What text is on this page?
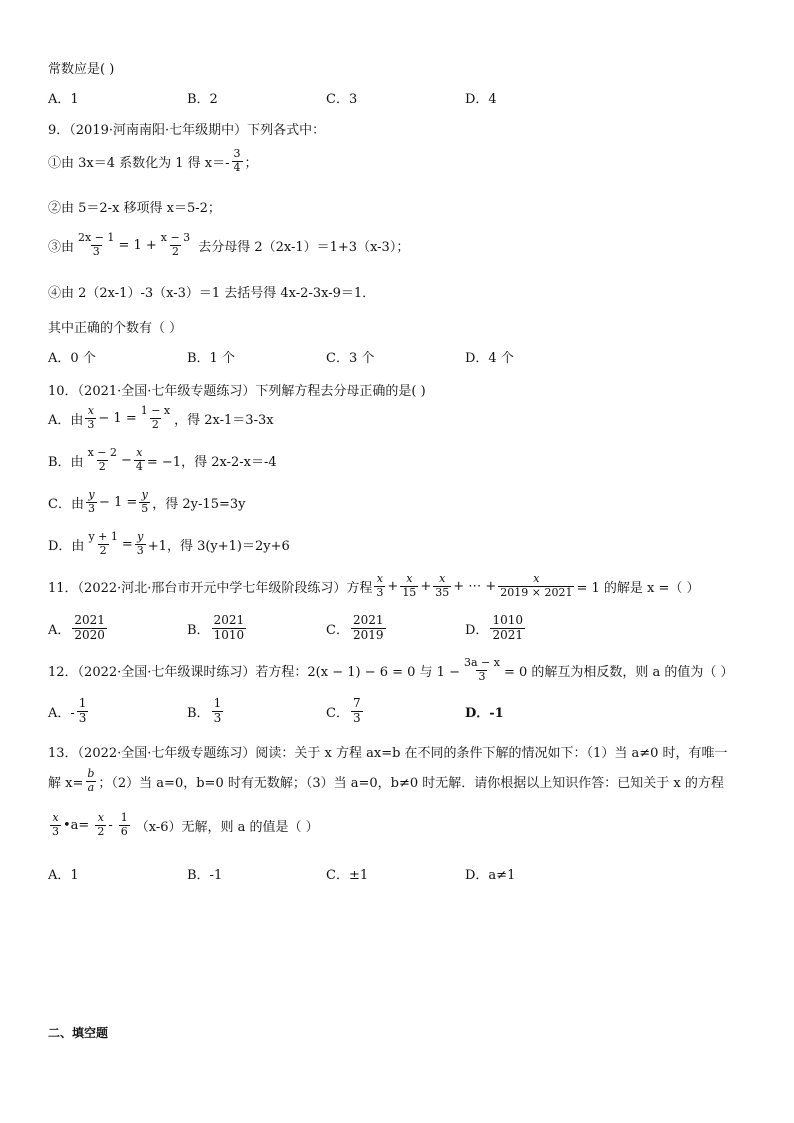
常数应是( )
A．1	B．2	C．3	D．4
9．（2019·河南南阳·七年级期中）下列各式中：
①由 3x＝4 系数化为 1 得 $x=- \frac{3}{4}$ ；
②由 5＝2-x 移项得 x＝5-2；
③由 $\frac{2x - 1}{3} = 1 + \frac{x - 3}{2}$ 去分母得 2（2x-1）＝1+3（x-3）；
④由 2（2x-1）-3（x-3）＝1 去括号得 4x-2-3x-9＝1．
其中正确的个数有（ ）
A．0 个	B．1 个	C．3 个	D．4 个
10．（2021·全国·七年级专题练习）下列解方程去分母正确的是( )
A．由 $\frac{x}{3} - 1 = \frac{1 - x}{2}$ ，得 2x-1＝3-3x
B．由 $\frac{x - 2}{2} - \frac{x}{4} = -1$，得 2x-2-x＝-4
C．由 $\frac{y}{3} - 1 = \frac{y}{5}$ ，得 2y-15=3y
D．由 $\frac{y + 1}{2} = \frac{y}{3} +1$，得 3(y+1)＝2y+6
11．（2022·河北·邢台市开元中学七年级阶段练习）方程 $\frac{x}{3} + \frac{x}{15} + \frac{x}{35}$ + ⋯ + $\frac{x}{2019 \times 2021} = 1$ 的解是 x =（ ）
A． $\frac{2021}{2020}$	B． $\frac{2021}{1010}$	C． $\frac{2021}{2019}$	D． $\frac{1010}{2021}$
12．（2022·全国·七年级课时练习）若方程：2(x − 1) − 6 = 0 与 $1 - \frac{3a - x}{3} = 0$ 的解互为相反数，则 a 的值为（ ）
A．- $\frac{1}{3}$	B． $\frac{1}{3}$	C． $\frac{7}{3}$	D．-1
13．（2022·全国·七年级专题练习）阅读：关于 x 方程 ax=b 在不同的条件下解的情况如下：（1）当 a≠0 时，有唯一
解 $x= \frac{b}{a}$ ；（2）当 a=0，b=0 时有无数解；（3）当 a=0，b≠0 时无解．请你根据以上知识作答：已知关于 x 的方程
$\frac{x}{3}$ •a= $\frac{x}{2} - \frac{1}{6} (x-6)$无解，则 a 的值是（ ）
A．1	B．-1	C．±1	D．a≠1
二、填空题
